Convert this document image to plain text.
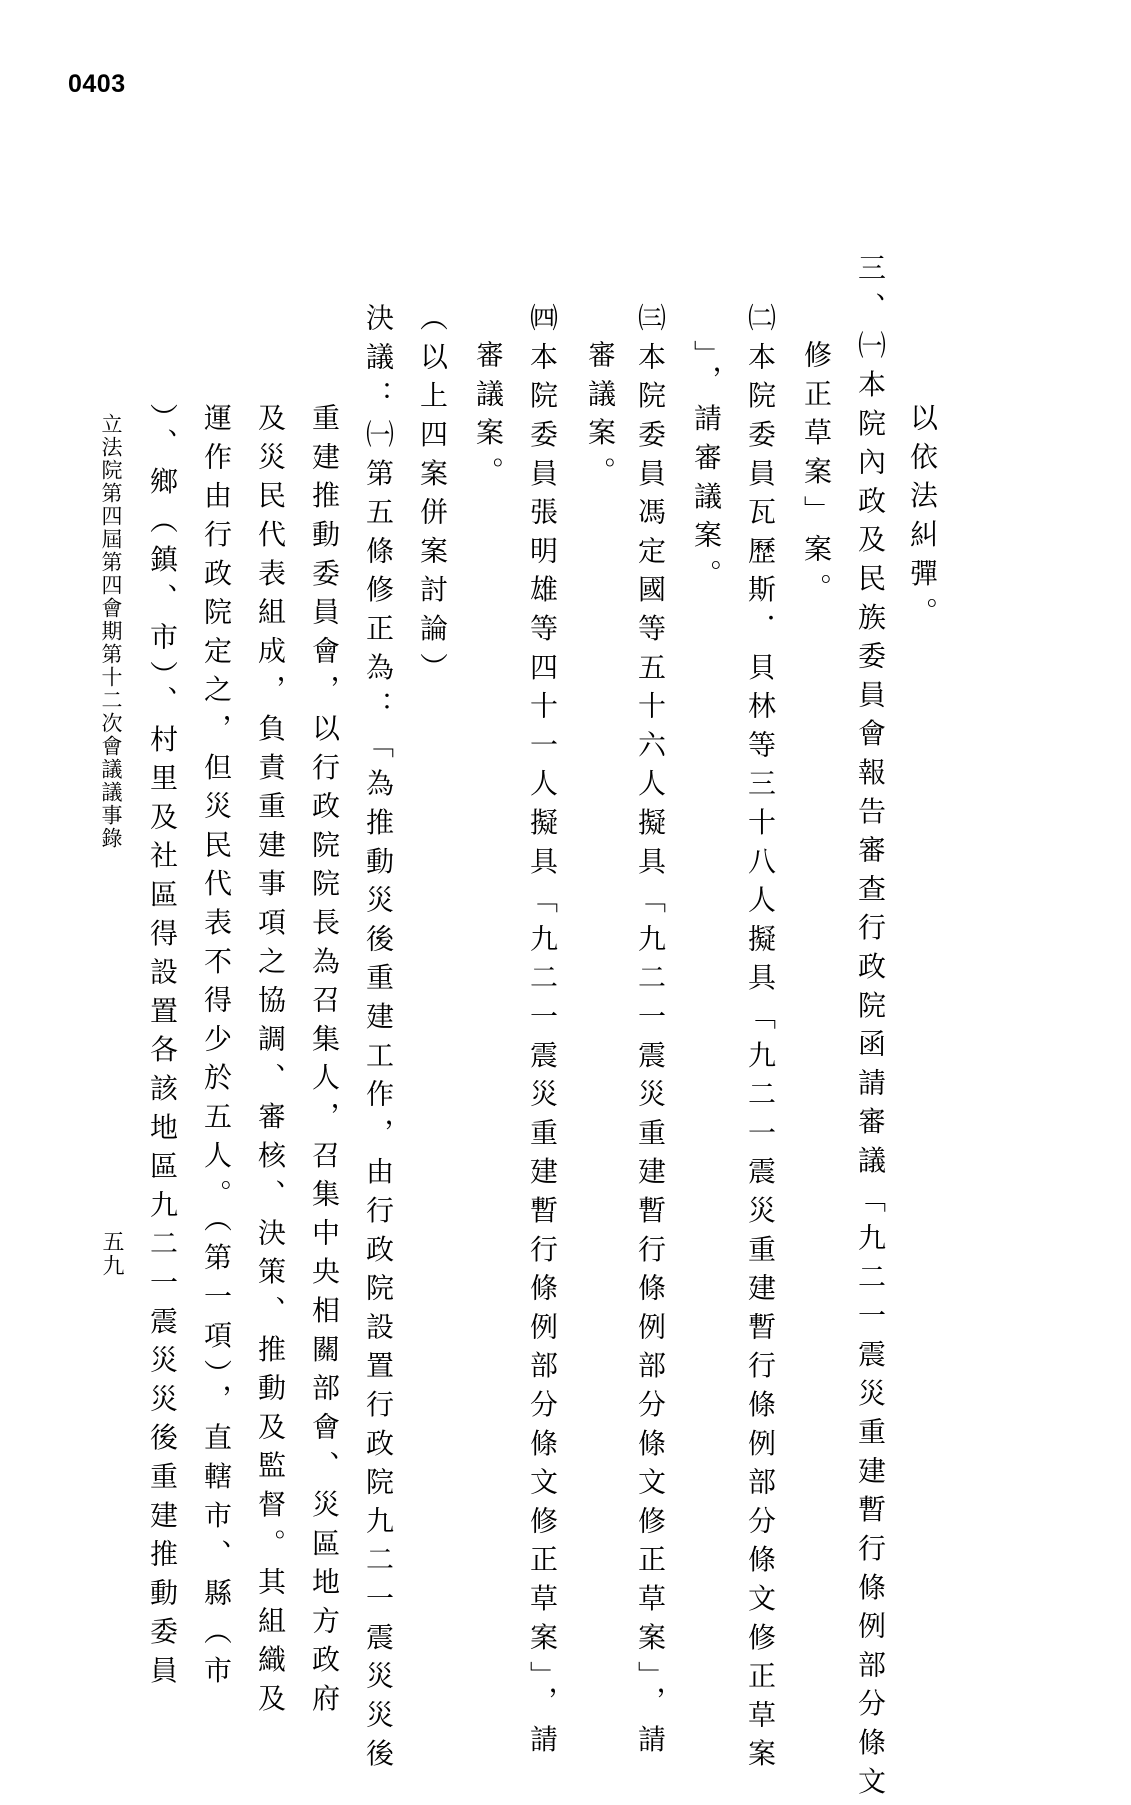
0403
以依法糾彈。
三、㈠本院內政及民族委員會報告審查行政院函請審議「九二一震災重建暫行條例部分條文
修正草案」案。
㈡本院委員瓦歷斯．貝林等三十八人擬具「九二一震災重建暫行條例部分條文修正草案
」，請審議案。
㈢本院委員馮定國等五十六人擬具「九二一震災重建暫行條例部分條文修正草案」，請
審議案。
㈣本院委員張明雄等四十一人擬具「九二一震災重建暫行條例部分條文修正草案」，請
審議案。
（以上四案併案討論）
決議：㈠第五條修正為：「為推動災後重建工作，由行政院設置行政院九二一震災災後
重建推動委員會，以行政院院長為召集人，召集中央相關部會、災區地方政府
及災民代表組成，負責重建事項之協調、審核、決策、推動及監督。其組織及
運作由行政院定之，但災民代表不得少於五人。（第一項），直轄市、縣（市
）、鄉（鎮、市）、村里及社區得設置各該地區九二一震災災後重建推動委員
立法院第四屆第四會期第十二次會議議事錄
五九
